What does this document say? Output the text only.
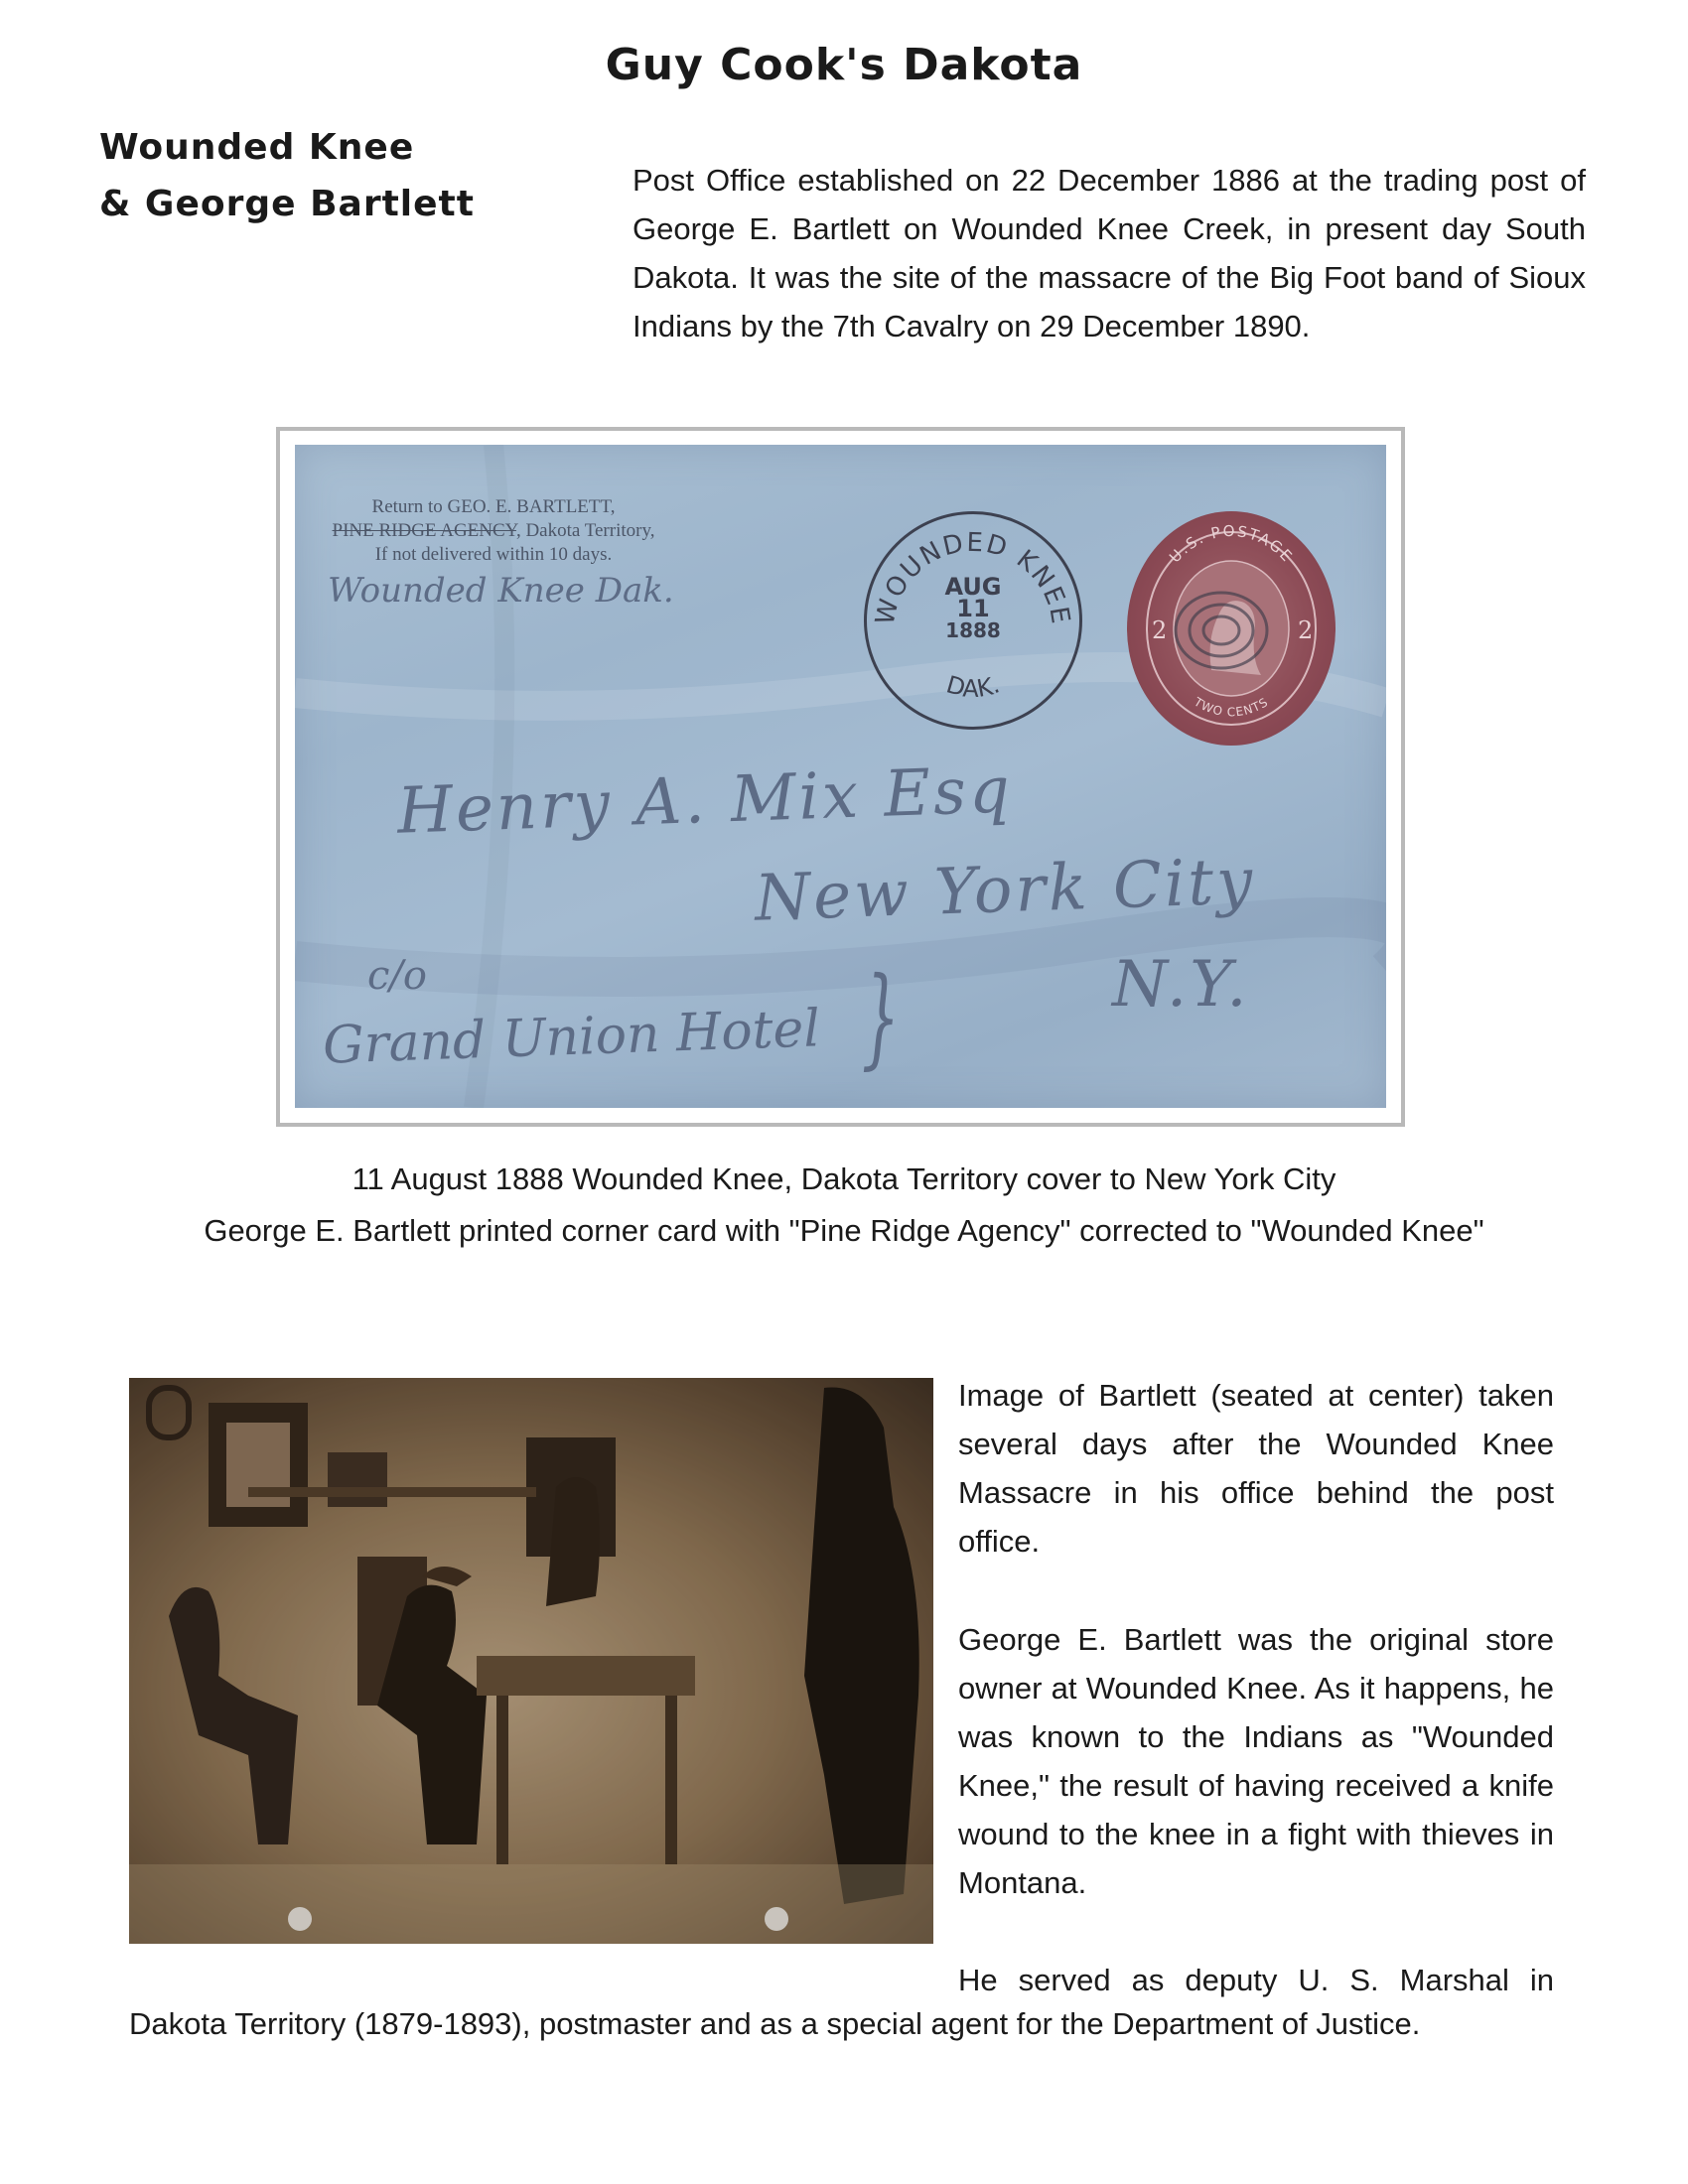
Guy Cook's Dakota
Wounded Knee
& George Bartlett
Post Office established on 22 December 1886 at the trading post of George E. Bartlett on Wounded Knee Creek, in present day South Dakota. It was the site of the massacre of the Big Foot band of Sioux Indians by the 7th Cavalry on 29 December 1890.
Return to GEO. E. BARTLETT,
PINE RIDGE AGENCY, Dakota Territory,
If not delivered within 10 days.
Wounded Knee Dak.
WOUNDED KNEE
DAK.
AUG
11
1888
U.S. POSTAGE
TWO CENTS
2	2
Henry A. Mix Esq
New York City
N.Y.
c/o
Grand Union Hotel }
11 August 1888 Wounded Knee, Dakota Territory cover to New York City
George E. Bartlett printed corner card with "Pine Ridge Agency" corrected to "Wounded Knee"
Image of Bartlett (seated at center) taken several days after the Wounded Knee Massacre in his office behind the post office.
George E. Bartlett was the original store owner at Wounded Knee. As it happens, he was known to the Indians as "Wounded Knee," the result of having received a knife wound to the knee in a fight with thieves in Montana.
He served as deputy U. S. Marshal in
Dakota Territory (1879-1893), postmaster and as a special agent for the Department of Justice.
